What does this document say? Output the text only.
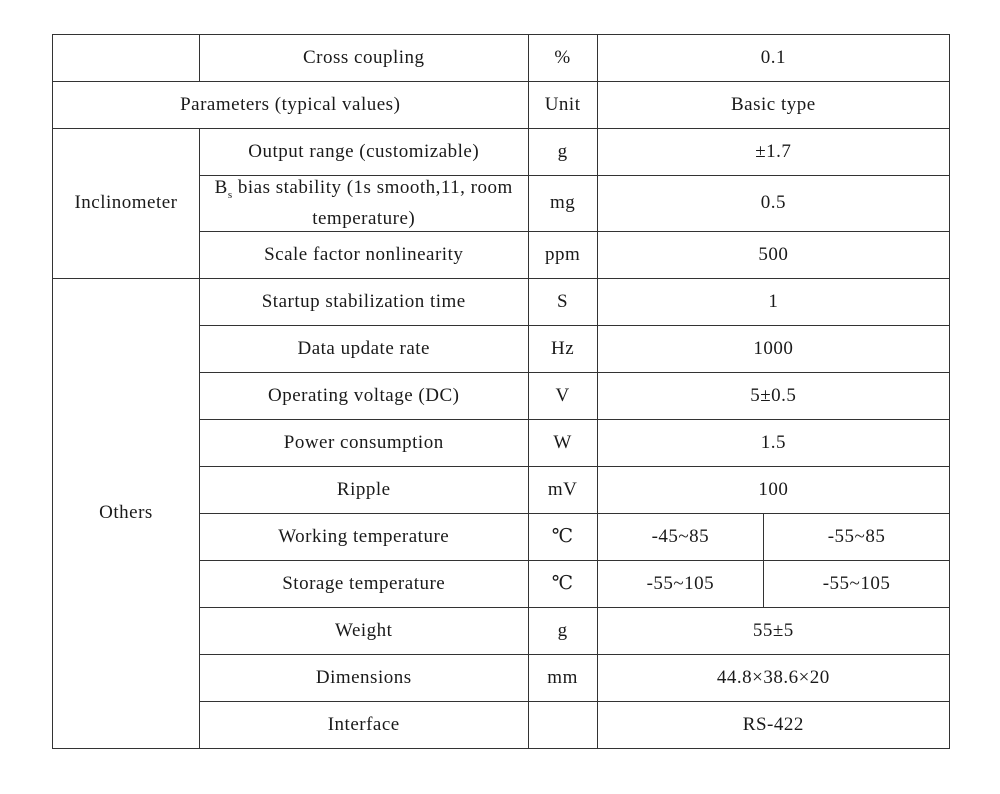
	Cross coupling	%	0.1	
Parameters (typical values)		Unit	Basic type	
Inclinometer	Output range (customizable)	g	±1.7	
	$B_s$ bias stability (1s smooth,11, room temperature)	mg	0.5	
	Scale factor nonlinearity	ppm	500	
Others	Startup stabilization time	S	1	
	Data update rate	Hz	1000	
	Operating voltage (DC)	V	5±0.5	
	Power consumption	W	1.5	
	Ripple	mV	100	
	Working temperature	℃	-45~85	-55~85
	Storage temperature	℃	-55~105	-55~105
	Weight	g	55±5	
	Dimensions	mm	44.8×38.6×20	
	Interface		RS-422	
